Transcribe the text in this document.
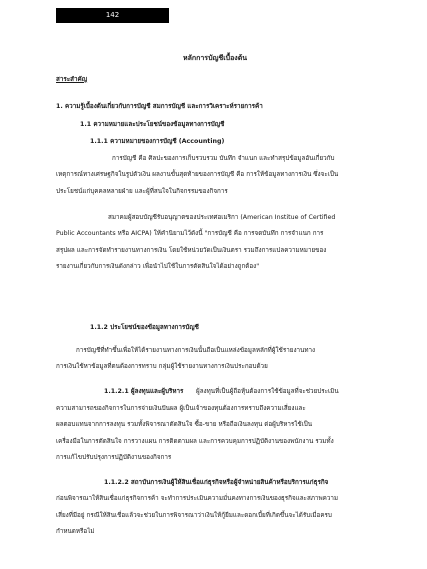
142
หลักการบัญชีเบื้องต้น
สาระสำคัญ
1. ความรู้เบื้องต้นเกี่ยวกับการบัญชี สมการบัญชี และการวิเคราะห์รายการค้า
1.1 ความหมายและประโยชน์ของข้อมูลทางการบัญชี
1.1.1 ความหมายของการบัญชี (Accounting)
การบัญชี คือ ศิลปะของการเก็บรวบรวม บันทึก จำแนก และทำสรุปข้อมูลอันเกี่ยวกับ
เหตุการณ์ทางเศรษฐกิจในรูปตัวเงิน ผลงานขั้นสุดท้ายของการบัญชี คือ การให้ข้อมูลทางการเงิน ซึ่งจะเป็น
ประโยชน์แก่บุคคลหลายฝ่าย และผู้ที่สนใจในกิจกรรมของกิจการ
สมาคมผู้สอบบัญชีรับอนุญาตของประเทศอเมริกา (American Institue of Certified
Public Accountants หรือ AICPA) ให้คำนิยามไว้ดังนี้ "การบัญชี คือ การจดบันทึก การจำแนก การ
สรุปผล และการจัดทำรายงานทางการเงิน โดยใช้หน่วยวัดเป็นเงินตรา รวมถึงการแปลความหมายของ
รายงานเกี่ยวกับการเงินดังกล่าว เพื่อนำไปใช้ในการตัดสินใจได้อย่างถูกต้อง"
1.1.2 ประโยชน์ของข้อมูลทางการบัญชี
การบัญชีที่ทำขึ้นเพื่อให้ได้รายงานทางการเงินนั้นถือเป็นแหล่งข้อมูลหลักที่ผู้ใช้รายงานทาง
การเงินใช้หาข้อมูลที่ตนต้องการทราบ กลุ่มผู้ใช้รายงานทางการเงินประกอบด้วย
1.1.2.1 ผู้ลงทุนและผู้บริหาร ผู้ลงทุนที่เป็นผู้ถือหุ้นต้องการใช้ข้อมูลที่จะช่วยประเมิน
ความสามารถของกิจการในการจ่ายเงินปันผล ผู้เป็นเจ้าของทุนต้องการทราบถึงความเสี่ยงและ
ผลตอบแทนจากการลงทุน รวมทั้งพิจารณาตัดสินใจ ซื้อ-ขาย หรือถือเงินลงทุน ต่อผู้บริหารใช้เป็น
เครื่องมือในการตัดสินใจ การวางแผน การติดตามผล และการควบคุมการปฏิบัติงานของพนักงาน รวมทั้ง
การแก้ไขปรับปรุงการปฏิบัติงานของกิจการ
1.1.2.2 สถาบันการเงินผู้ให้สินเชื่อแก่ธุรกิจหรือผู้จำหน่ายสินค้าหรือบริการแก่ธุรกิจ
ก่อนพิจารณาให้สินเชื่อแก่ธุรกิจการค้า จะทำการประเมินความมั่นคงทางการเงินของธุรกิจและสภาพความ
เสี่ยงที่มีอยู่ กรณีให้สินเชื่อแล้วจะช่วยในการพิจารณาว่าเงินให้กู้ยืมและดอกเบี้ยที่เกิดขึ้นจะได้รับเมื่อครบ
กำหนดหรือไม่
